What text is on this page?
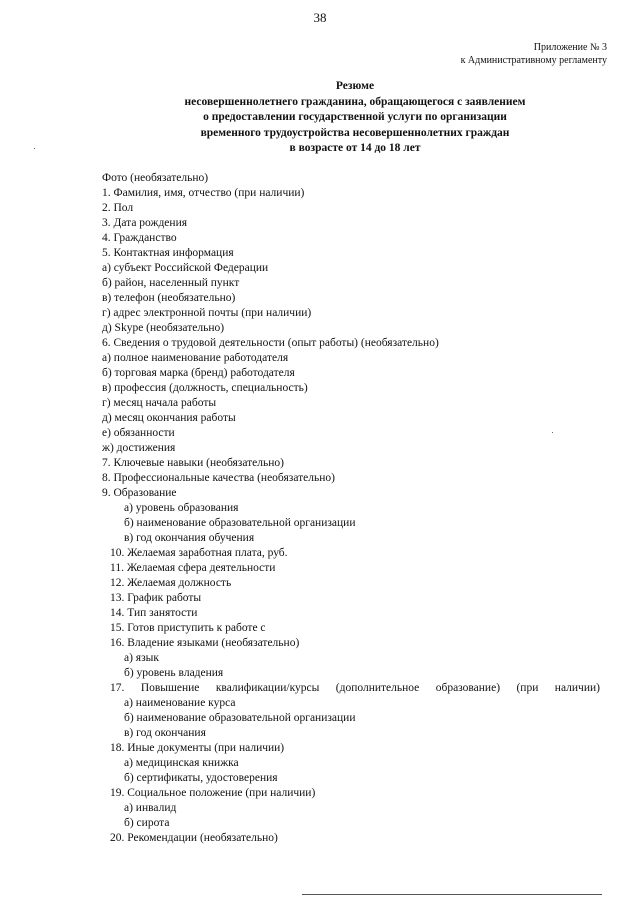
38
Приложение № 3
к Административному регламенту
Резюме
несовершеннолетнего гражданина, обращающегося с заявлением
о предоставлении государственной услуги по организации
временного трудоустройства несовершеннолетних граждан
в возрасте от 14 до 18 лет
Фото (необязательно)
1. Фамилия, имя, отчество (при наличии)
2. Пол
3. Дата рождения
4. Гражданство
5. Контактная информация
а) субъект Российской Федерации
б) район, населенный пункт
в) телефон (необязательно)
г) адрес электронной почты (при наличии)
д) Skype (необязательно)
6. Сведения о трудовой деятельности (опыт работы) (необязательно)
а) полное наименование работодателя
б) торговая марка (бренд) работодателя
в) профессия (должность, специальность)
г) месяц начала работы
д) месяц окончания работы
е) обязанности
ж) достижения
7. Ключевые навыки (необязательно)
8. Профессиональные качества (необязательно)
9. Образование
а) уровень образования
б) наименование образовательной организации
в) год окончания обучения
10. Желаемая заработная плата, руб.
11. Желаемая сфера деятельности
12. Желаемая должность
13. График работы
14. Тип занятости
15. Готов приступить к работе с
16. Владение языками (необязательно)
а) язык
б) уровень владения
17. Повышение квалификации/курсы (дополнительное образование) (при наличии)
а) наименование курса
б) наименование образовательной организации
в) год окончания
18. Иные документы (при наличии)
а) медицинская книжка
б) сертификаты, удостоверения
19. Социальное положение (при наличии)
а) инвалид
б) сирота
20. Рекомендации (необязательно)
